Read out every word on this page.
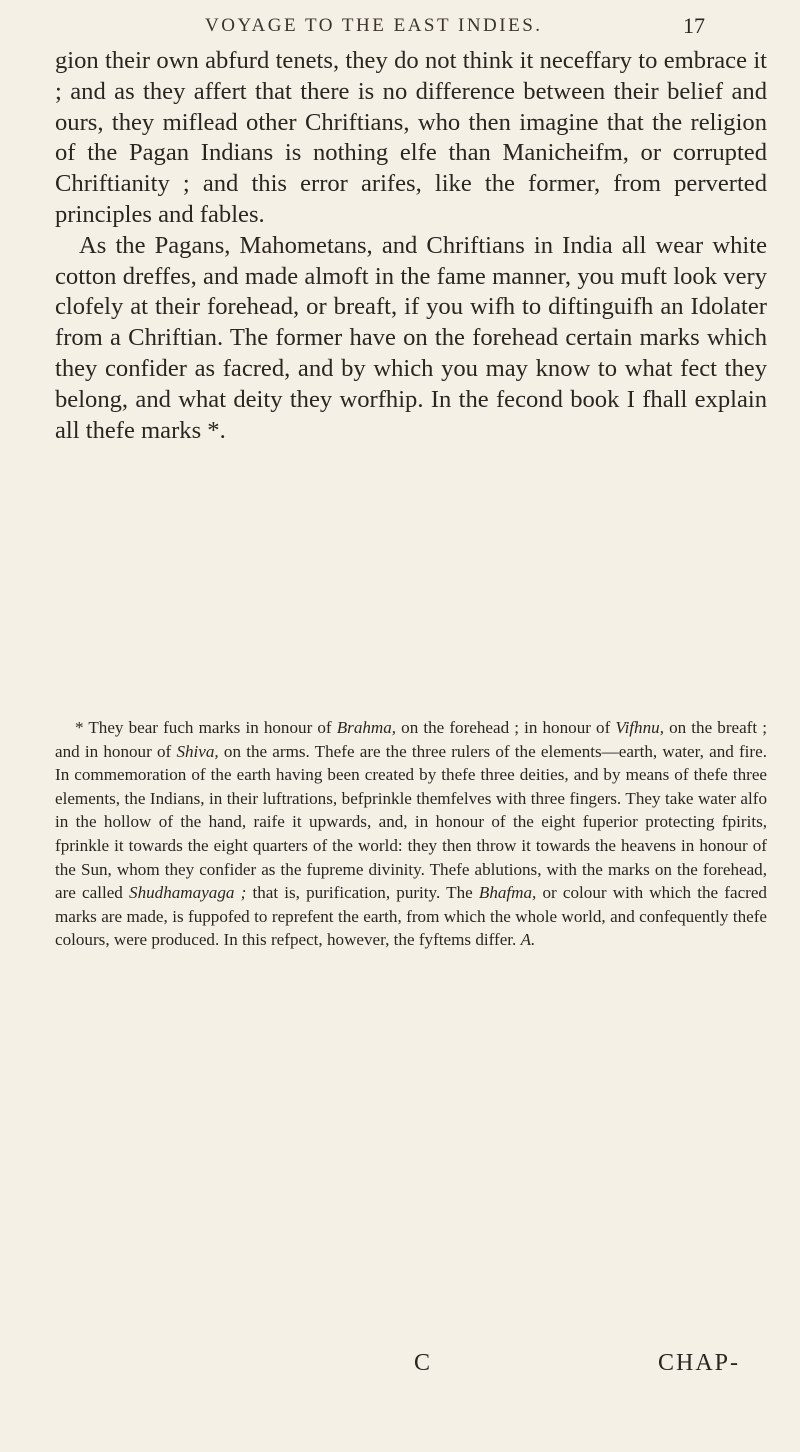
VOYAGE TO THE EAST INDIES.	17

gion their own abfurd tenets, they do not think it neceffary to embrace it ; and as they affert that there is no difference between their belief and ours, they miflead other Chriftians, who then imagine that the religion of the Pagan Indians is nothing elfe than Manicheifm, or corrupted Chriftianity ; and this error arifes, like the former, from perverted principles and fables.

As the Pagans, Mahometans, and Chriftians in India all wear white cotton dreffes, and made almoft in the fame manner, you muft look very clofely at their forehead, or breaft, if you wifh to diftinguifh an Idolater from a Chriftian. The former have on the forehead certain marks which they confider as facred, and by which you may know to what fect they belong, and what deity they worfhip. In the fecond book I fhall explain all thefe marks *.

* They bear fuch marks in honour of Brahma, on the forehead ; in honour of Vifhnu, on the breaft ; and in honour of Shiva, on the arms. Thefe are the three rulers of the elements—earth, water, and fire. In commemoration of the earth having been created by thefe three deities, and by means of thefe three elements, the Indians, in their luftrations, befprinkle themfelves with three fingers. They take water alfo in the hollow of the hand, raife it upwards, and, in honour of the eight fuperior protecting fpirits, fprinkle it towards the eight quarters of the world: they then throw it towards the heavens in honour of the Sun, whom they confider as the fupreme divinity. Thefe ablutions, with the marks on the forehead, are called Shudhamayaga ; that is, purification, purity. The Bhafma, or colour with which the facred marks are made, is fuppofed to reprefent the earth, from which the whole world, and confequently thefe colours, were produced. In this refpect, however, the fyftems differ. A.

C	CHAP-
